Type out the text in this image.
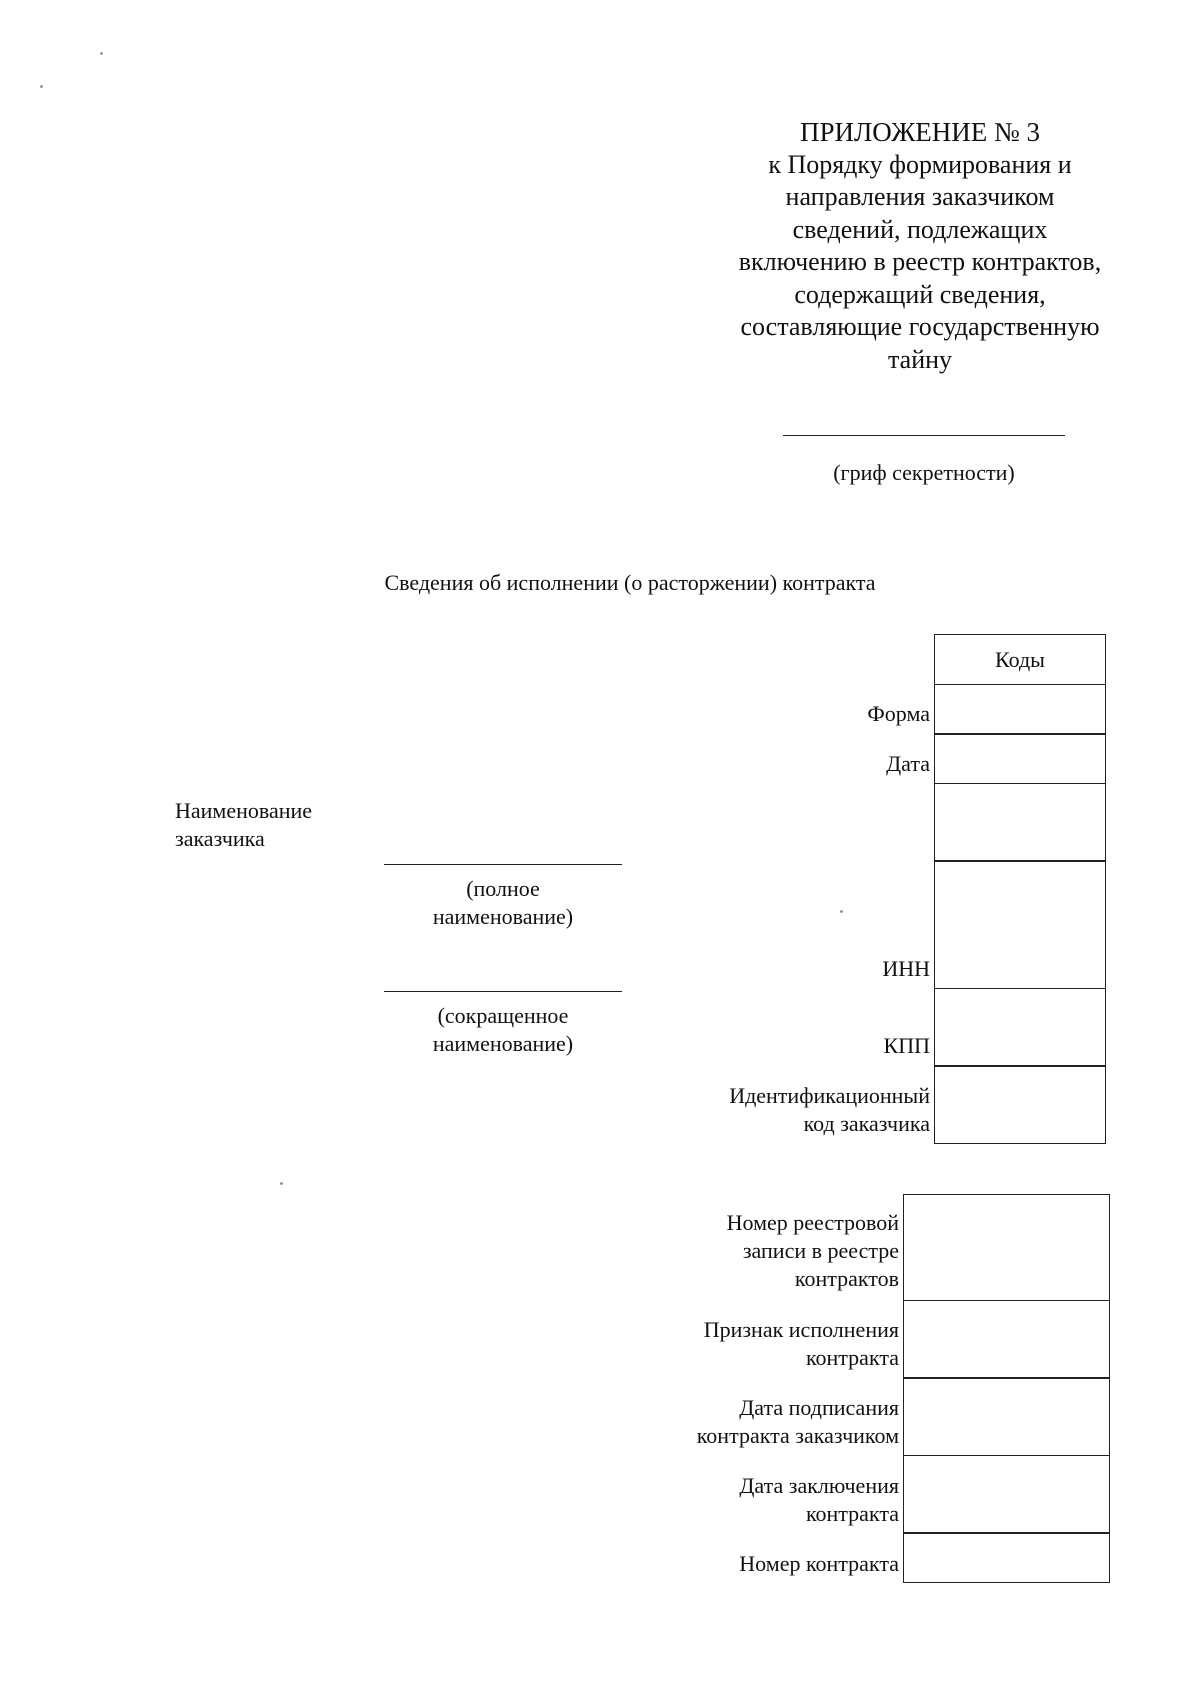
ПРИЛОЖЕНИЕ № 3
к Порядку формирования и
направления заказчиком
сведений, подлежащих
включению в реестр контрактов,
содержащий сведения,
составляющие государственную
тайну
(гриф секретности)
Сведения об исполнении (о расторжении) контракта
Коды
Форма
Дата
ИНН
КПП
Идентификационный
код заказчика
Наименование
заказчика
(полное
наименование)
(сокращенное
наименование)
Номер реестровой
записи в реестре
контрактов
Признак исполнения
контракта
Дата подписания
контракта заказчиком
Дата заключения
контракта
Номер контракта
